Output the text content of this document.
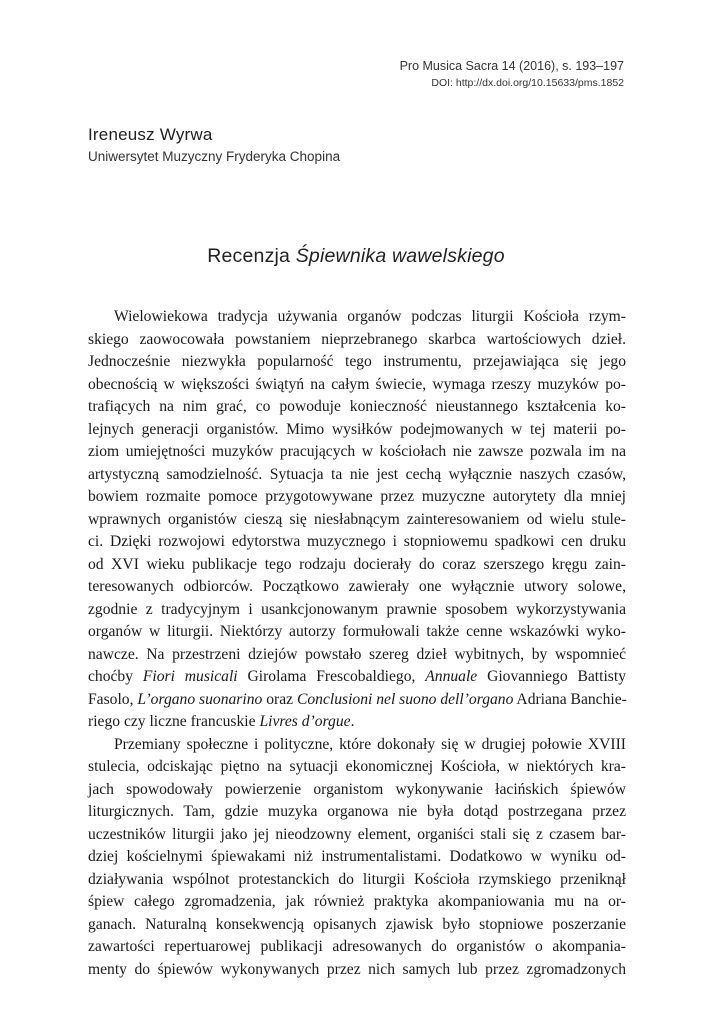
Pro Musica Sacra 14 (2016), s. 193–197
DOI: http://dx.doi.org/10.15633/pms.1852
Ireneusz Wyrwa
Uniwersytet Muzyczny Fryderyka Chopina
Recenzja Śpiewnika wawelskiego
Wielowiekowa tradycja używania organów podczas liturgii Kościoła rzym-
skiego zaowocowała powstaniem nieprzebranego skarbca wartościowych dzieł.
Jednocześnie niezwykła popularność tego instrumentu, przejawiająca się jego
obecnością w większości świątyń na całym świecie, wymaga rzeszy muzyków po-
trafiących na nim grać, co powoduje konieczność nieustannego kształcenia ko-
lejnych generacji organistów. Mimo wysiłków podejmowanych w tej materii po-
ziom umiejętności muzyków pracujących w kościołach nie zawsze pozwala im na
artystyczną samodzielność. Sytuacja ta nie jest cechą wyłącznie naszych czasów,
bowiem rozmaite pomoce przygotowywane przez muzyczne autorytety dla mniej
wprawnych organistów cieszą się niesłabnącym zainteresowaniem od wielu stule-
ci. Dzięki rozwojowi edytorstwa muzycznego i stopniowemu spadkowi cen druku
od XVI wieku publikacje tego rodzaju docierały do coraz szerszego kręgu zain-
teresowanych odbiorców. Początkowo zawierały one wyłącznie utwory solowe,
zgodnie z tradycyjnym i usankcjonowanym prawnie sposobem wykorzystywania
organów w liturgii. Niektórzy autorzy formułowali także cenne wskazówki wyko-
nawcze. Na przestrzeni dziejów powstało szereg dzieł wybitnych, by wspomnieć
choćby Fiori musicali Girolama Frescobaldiego, Annuale Giovanniego Battisty
Fasolo, L’organo suonarino oraz Conclusioni nel suono dell’organo Adriana Banchie-
riego czy liczne francuskie Livres d’orgue.
Przemiany społeczne i polityczne, które dokonały się w drugiej połowie XVIII
stulecia, odciskając piętno na sytuacji ekonomicznej Kościoła, w niektórych kra-
jach spowodowały powierzenie organistom wykonywanie łacińskich śpiewów
liturgicznych. Tam, gdzie muzyka organowa nie była dotąd postrzegana przez
uczestników liturgii jako jej nieodzowny element, organiści stali się z czasem bar-
dziej kościelnymi śpiewakami niż instrumentalistami. Dodatkowo w wyniku od-
działywania wspólnot protestanckich do liturgii Kościoła rzymskiego przeniknął
śpiew całego zgromadzenia, jak również praktyka akompaniowania mu na or-
ganach. Naturalną konsekwencją opisanych zjawisk było stopniowe poszerzanie
zawartości repertuarowej publikacji adresowanych do organistów o akompania-
menty do śpiewów wykonywanych przez nich samych lub przez zgromadzonych
